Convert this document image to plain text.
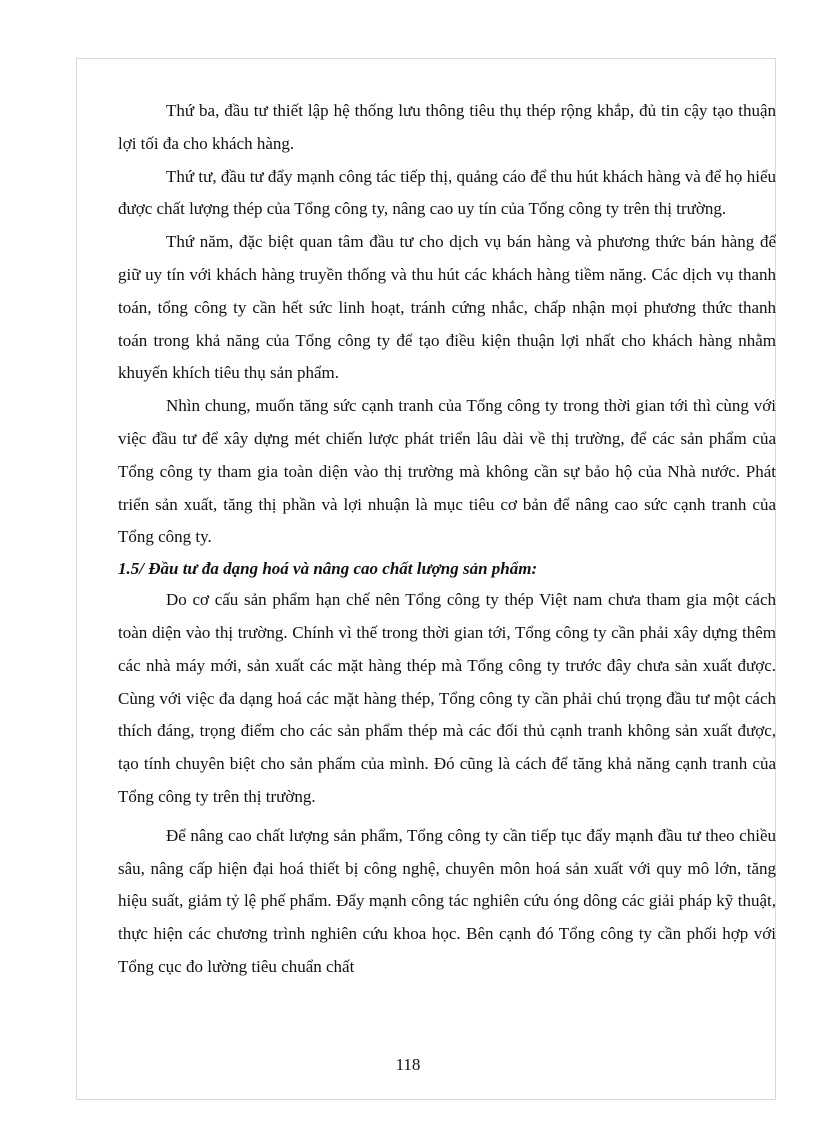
Thứ ba, đầu tư thiết lập hệ thống lưu thông tiêu thụ thép rộng khắp, đủ tin cậy tạo thuận lợi tối đa cho khách hàng.

Thứ tư, đầu tư đẩy mạnh công tác tiếp thị, quảng cáo để thu hút khách hàng và để họ hiểu được chất lượng thép của Tổng công ty, nâng cao uy tín của Tổng công ty trên thị trường.

Thứ năm, đặc biệt quan tâm đầu tư cho dịch vụ bán hàng và phương thức bán hàng để giữ uy tín với khách hàng truyền thống và thu hút các khách hàng tiềm năng. Các dịch vụ thanh toán, tổng công ty cần hết sức linh hoạt, tránh cứng nhắc, chấp nhận mọi phương thức thanh toán trong khả năng của Tổng công ty để tạo điều kiện thuận lợi nhất cho khách hàng nhằm khuyến khích tiêu thụ sản phẩm.

Nhìn chung, muốn tăng sức cạnh tranh của Tổng công ty trong thời gian tới thì cùng với việc đầu tư để xây dựng mét chiến lược phát triển lâu dài về thị trường, để các sản phẩm của Tổng công ty tham gia toàn diện vào thị trường mà không cần sự bảo hộ của Nhà nước. Phát triển sản xuất, tăng thị phần và lợi nhuận là mục tiêu cơ bản để nâng cao sức cạnh tranh của Tổng công ty.

1.5/ Đầu tư đa dạng hoá và nâng cao chất lượng sản phẩm:

Do cơ cấu sản phẩm hạn chế nên Tổng công ty thép Việt nam chưa tham gia một cách toàn diện vào thị trường. Chính vì thế trong thời gian tới, Tổng công ty cần phải xây dựng thêm các nhà máy mới, sản xuất các mặt hàng thép mà Tổng công ty trước đây chưa sản xuất được. Cùng với việc đa dạng hoá các mặt hàng thép, Tổng công ty cần phải chú trọng đầu tư một cách thích đáng, trọng điểm cho các sản phẩm thép mà các đối thủ cạnh tranh không sản xuất được, tạo tính chuyên biệt cho sản phẩm của mình. Đó cũng là cách để tăng khả năng cạnh tranh của Tổng công ty trên thị trường.

Để nâng cao chất lượng sản phẩm, Tổng công ty cần tiếp tục đẩy mạnh đầu tư theo chiều sâu, nâng cấp hiện đại hoá thiết bị công nghệ, chuyên môn hoá sản xuất với quy mô lớn, tăng hiệu suất, giảm tỷ lệ phế phẩm. Đẩy mạnh công tác nghiên cứu óng dông các giải pháp kỹ thuật, thực hiện các chương trình nghiên cứu khoa học. Bên cạnh đó Tổng công ty cần phối hợp với Tổng cục đo lường tiêu chuẩn chất

118
